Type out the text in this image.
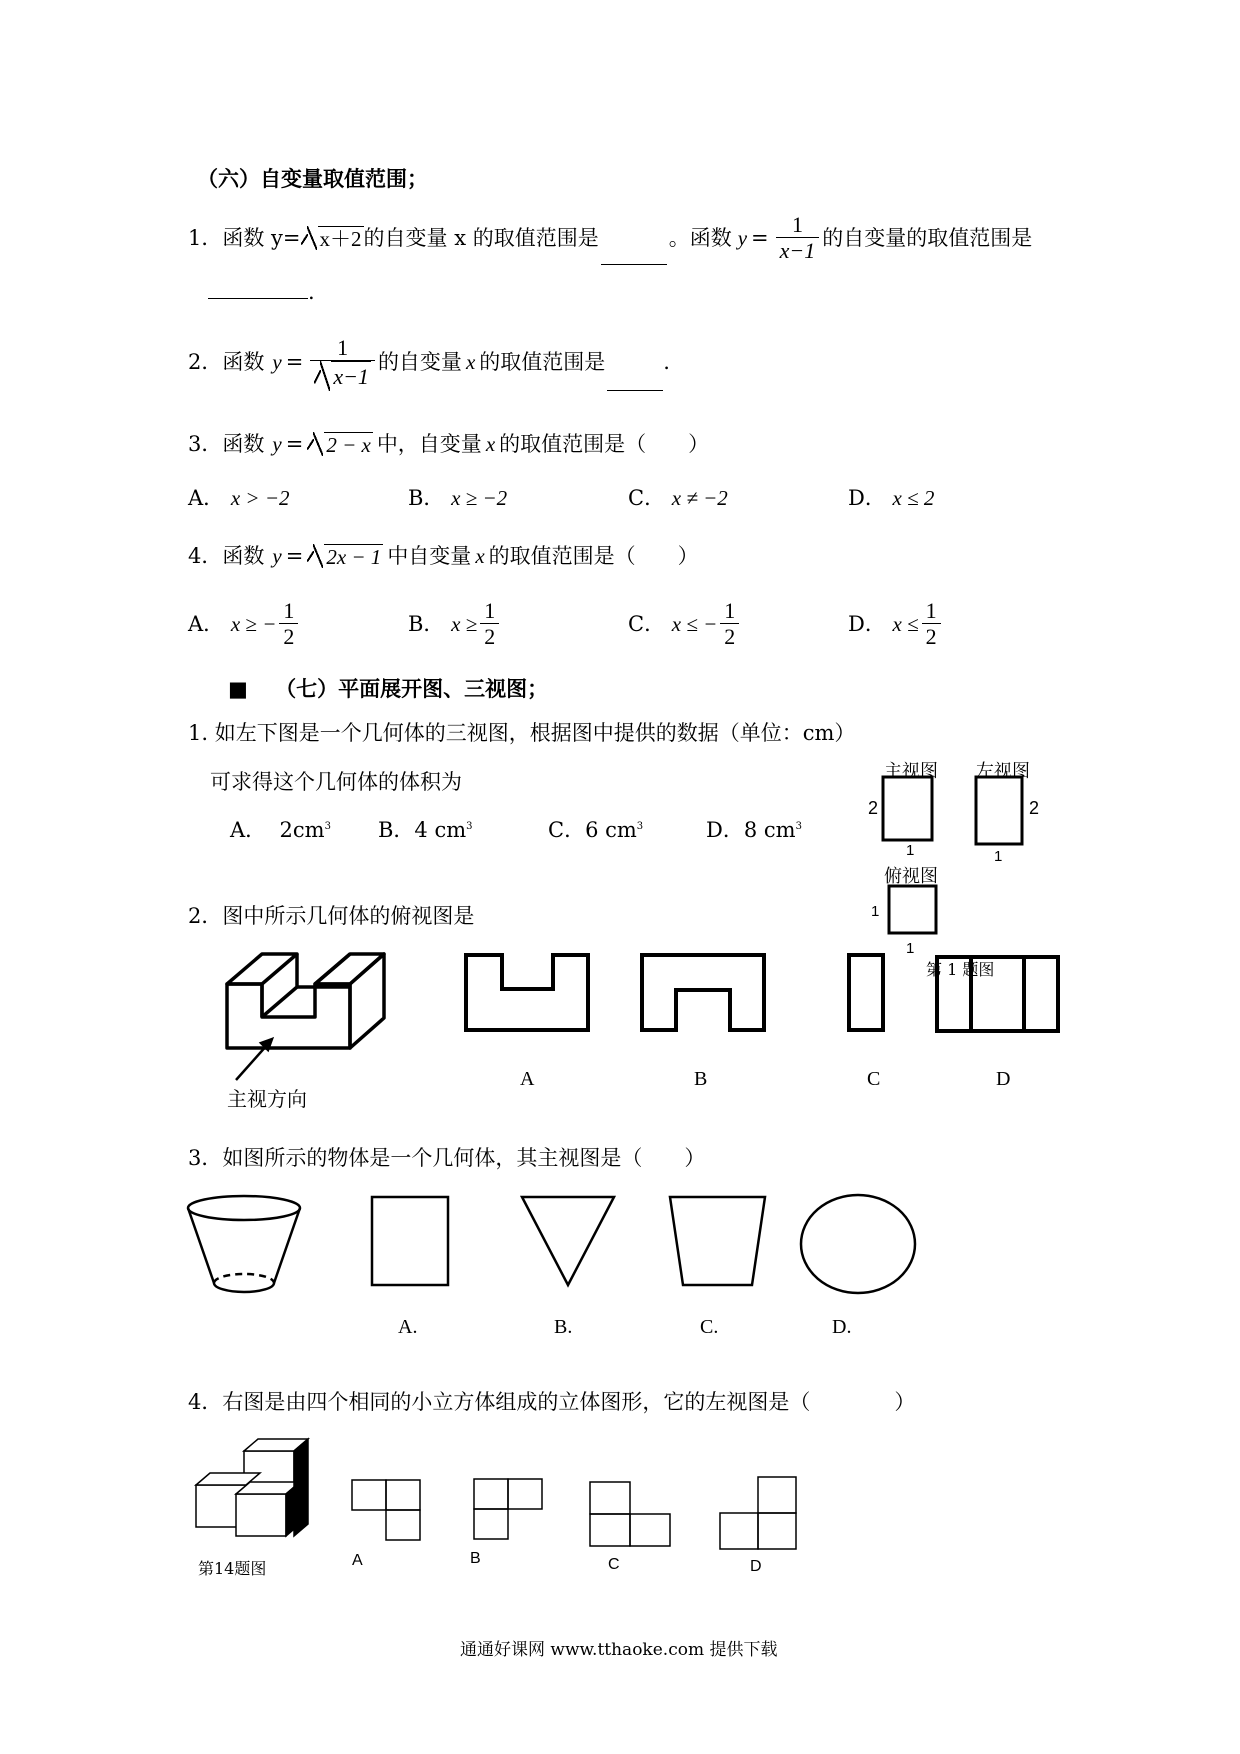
（六）自变量取值范围；
1． 函数 y= x＋2 的自变量 x 的取值范围是	。函数 $y = \frac{1}{x-1}$ 的自变量的取值范围是
.
2． 函数 $y = \frac{1}{x-1}$ 的自变量 x 的取值范围是	.
3． 函数 y =	2 − x 中，自变量 x 的取值范围是（　　）
A． x > −2	B． x ≥ −2	C． x ≠ −2	D． x ≤ 2
4． 函数 y =	2x − 1 中自变量 x 的取值范围是（　　）
A．
x ≥ − $\frac{1}{2}$	B．
$x \ge \frac{1}{2}$	C．
x ≤ − $\frac{1}{2}$	D．
$x \le \frac{1}{2}$
■ （七）平面展开图、三视图；
1. 如左下图是一个几何体的三视图，根据图中提供的数据（单位：cm）
可求得这个几何体的体积为
A． $2cm^3$ B．4 $cm^3$	C．6 $cm^3$	D．8 $cm^3$
主视图 左视图
俯视图
2	2
1	1
1
1
第 1 题图
2．图中所示几何体的俯视图是
主视方向
A	B	C	D
3．如图所示的物体是一个几何体，其主视图是（　　）
A.	B.	C.	D.
4．右图是由四个相同的小立方体组成的立体图形，它的左视图是（　　　　）
第14题图	A	B	C	D
通通好课网 www.tthaoke.com 提供下载
